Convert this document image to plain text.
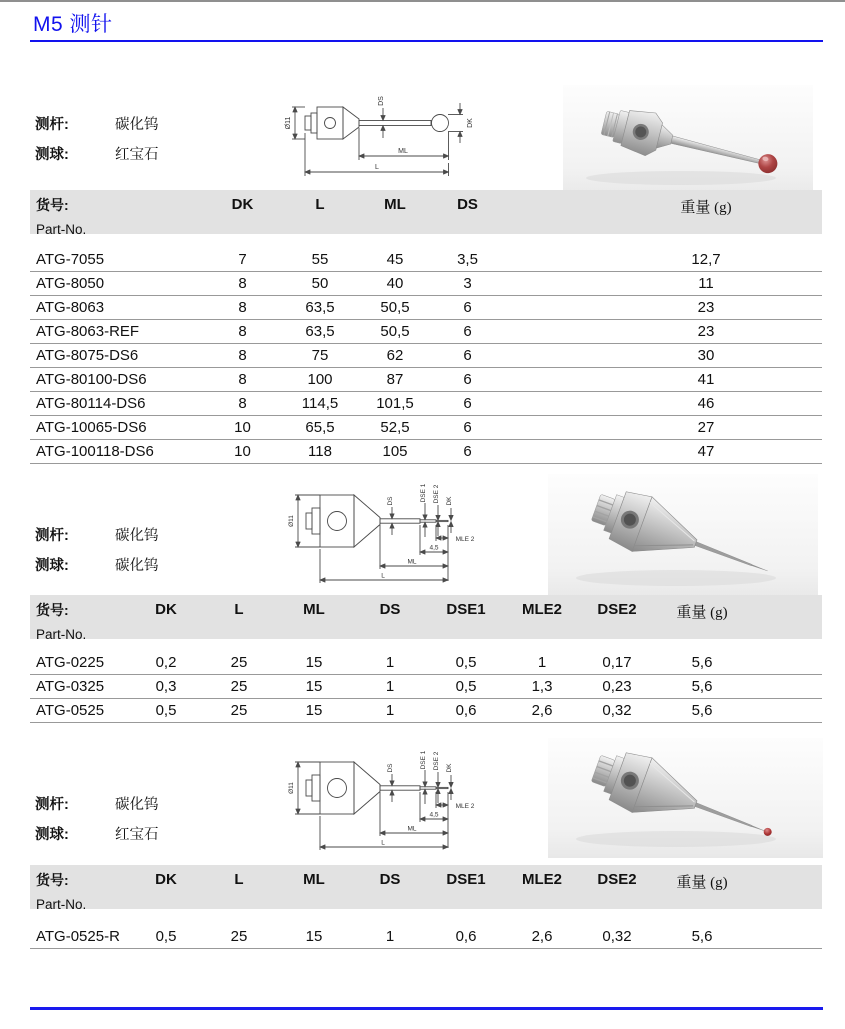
M5 测针
测杆:	碳化钨
测球:	红宝石
Ø11
DS
DK
ML
L
货号:
Part-No.
DK	L	ML	DS	重量 (g)
ATG-7055	7	55	45	3,5	12,7
ATG-8050	8	50	40	3	11
ATG-8063	8	63,5	50,5	6	23
ATG-8063-REF	8	63,5	50,5	6	23
ATG-8075-DS6	8	75	62	6	30
ATG-80100-DS6	8	100	87	6	41
ATG-80114-DS6	8	114,5	101,5	6	46
ATG-10065-DS6	10	65,5	52,5	6	27
ATG-100118-DS6	10	118	105	6	47
测杆:	碳化钨
测球:	碳化钨
Ø11
DS	DSE 1 DSE 2 DK
MLE 2
4,5
ML
L
货号:
Part-No.
DK	L	ML	DS	DSE1	MLE2	DSE2	重量 (g)
ATG-0225	0,2	25	15	1	0,5	1	0,17	5,6
ATG-0325	0,3	25	15	1	0,5	1,3	0,23	5,6
ATG-0525	0,5	25	15	1	0,6	2,6	0,32	5,6
测杆:	碳化钨
测球:	红宝石
Ø11
DS	DSE 1 DSE 2 DK
MLE 2
4,5
ML
L
货号:
Part-No.
DK	L	ML	DS	DSE1	MLE2	DSE2	重量 (g)
ATG-0525-R	0,5	25	15	1	0,6	2,6	0,32	5,6
